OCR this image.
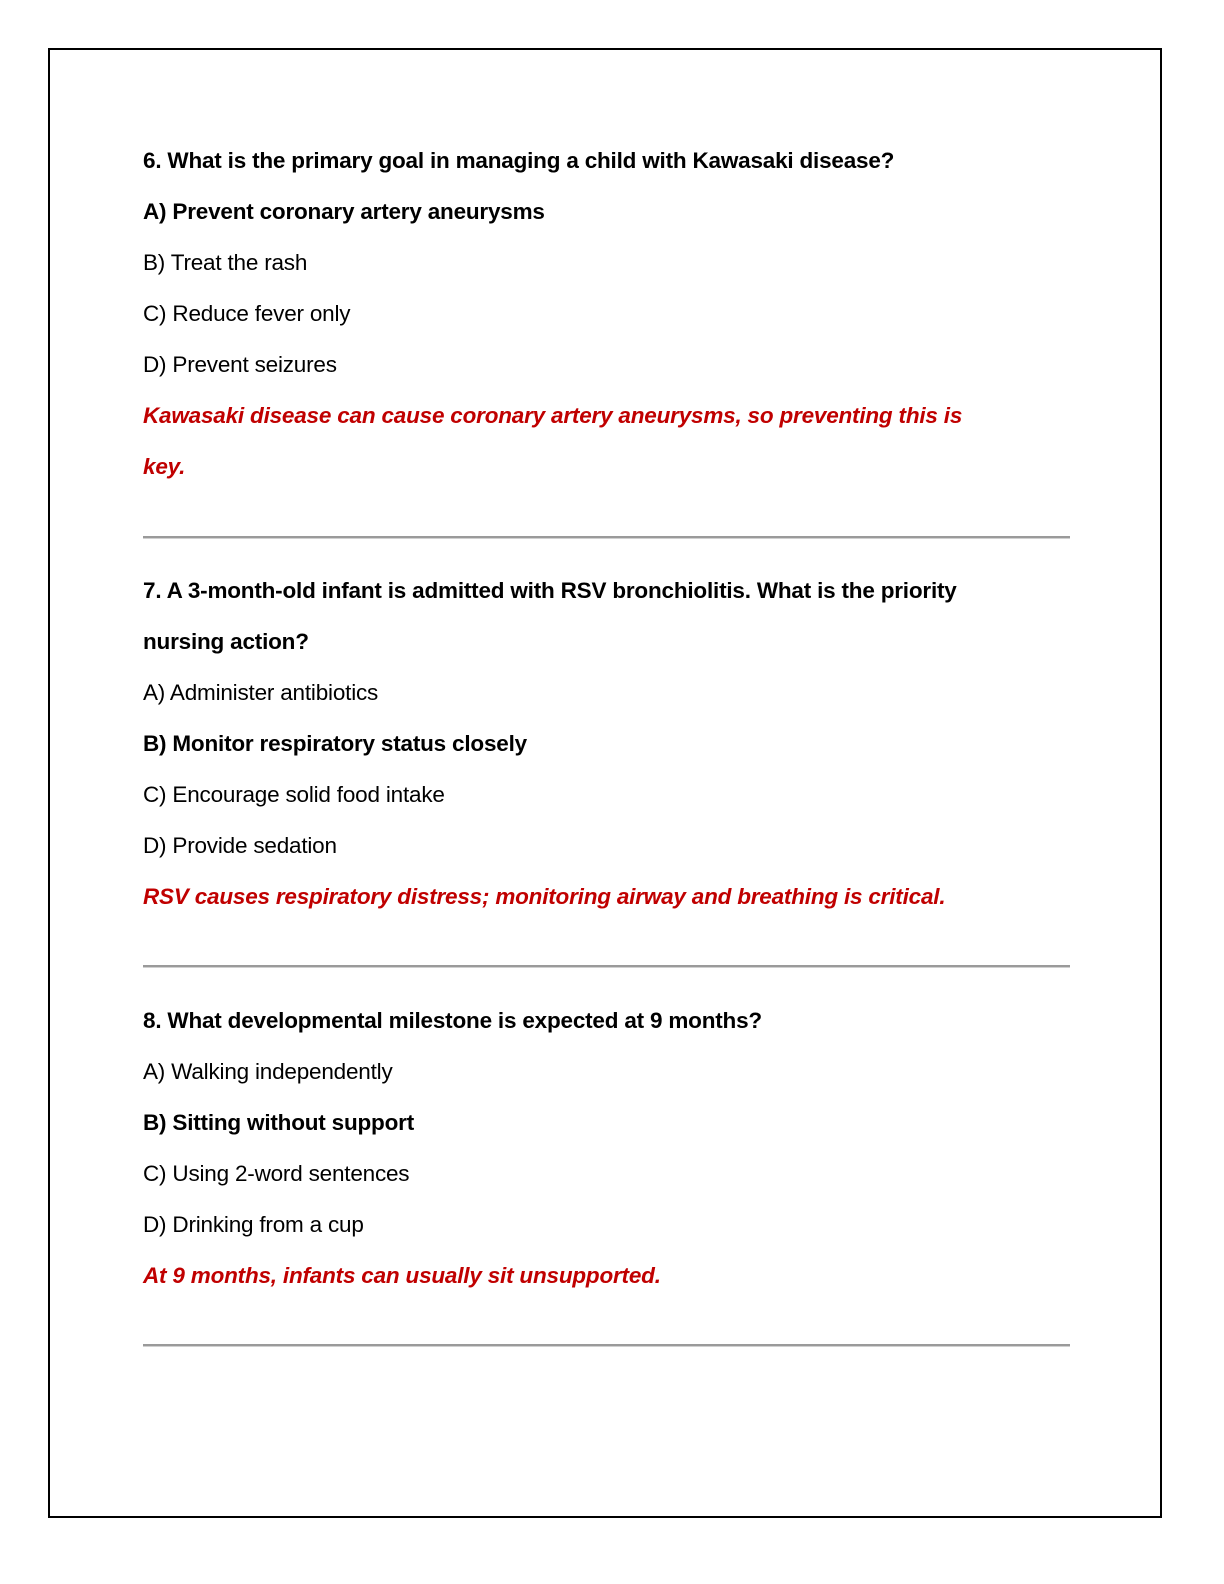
6. What is the primary goal in managing a child with Kawasaki disease?
A) Prevent coronary artery aneurysms
B) Treat the rash
C) Reduce fever only
D) Prevent seizures
Kawasaki disease can cause coronary artery aneurysms, so preventing this is
key.
7. A 3-month-old infant is admitted with RSV bronchiolitis. What is the priority
nursing action?
A) Administer antibiotics
B) Monitor respiratory status closely
C) Encourage solid food intake
D) Provide sedation
RSV causes respiratory distress; monitoring airway and breathing is critical.
8. What developmental milestone is expected at 9 months?
A) Walking independently
B) Sitting without support
C) Using 2-word sentences
D) Drinking from a cup
At 9 months, infants can usually sit unsupported.
